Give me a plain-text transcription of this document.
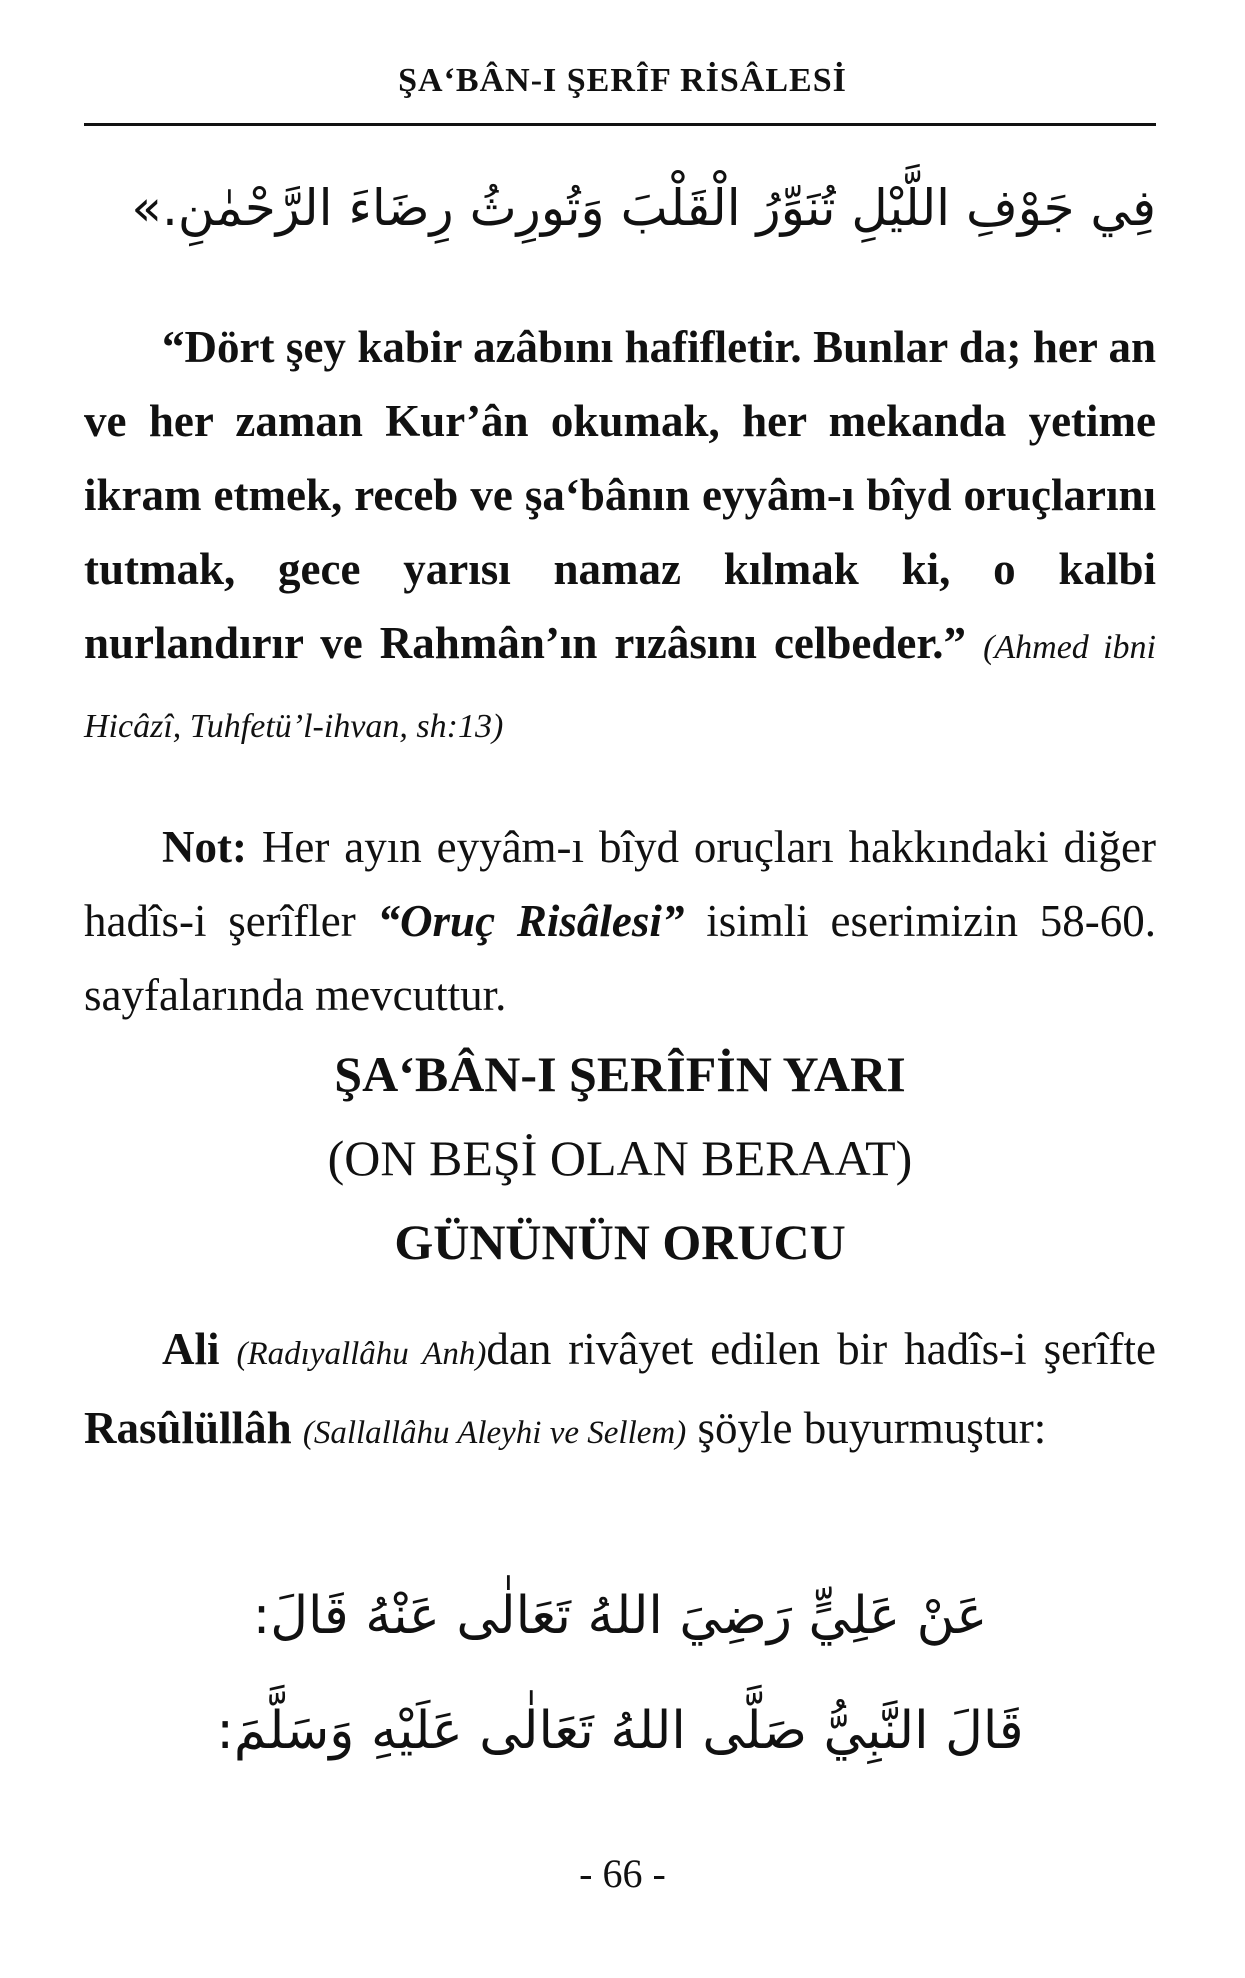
ŞA‘BÂN-I ŞERÎF RİSÂLESİ
فِي جَوْفِ اللَّيْلِ تُنَوِّرُ الْقَلْبَ وَتُورِثُ رِضَاءَ الرَّحْمٰنِ.»

“Dört şey kabir azâbını hafifletir. Bunlar da; her an ve her zaman Kur’ân okumak, her mekanda yetime ikram etmek, receb ve şa‘bânın eyyâm-ı bîyd oruçlarını tutmak, gece yarısı namaz kılmak ki, o kalbi nurlandırır ve Rahmân’ın rızâsını celbeder.” (Ahmed ibni Hicâzî, Tuhfetü’l-ihvan, sh:13)

Not: Her ayın eyyâm-ı bîyd oruçları hakkındaki diğer hadîs-i şerîfler “Oruç Risâlesi” isimli eserimizin 58-60. sayfalarında mevcuttur.

ŞA‘BÂN-I ŞERÎFİN YARI
(ON BEŞİ OLAN BERAAT)
GÜNÜNÜN ORUCU

Ali (Radıyallâhu Anh)dan rivâyet edilen bir hadîs-i şerîfte Rasûlüllâh (Sallallâhu Aleyhi ve Sellem) şöyle buyurmuştur:

عَنْ عَلِيٍّ رَضِيَ اللهُ تَعَالٰى عَنْهُ قَالَ:
قَالَ النَّبِيُّ صَلَّى اللهُ تَعَالٰى عَلَيْهِ وَسَلَّمَ:
- 66 -
